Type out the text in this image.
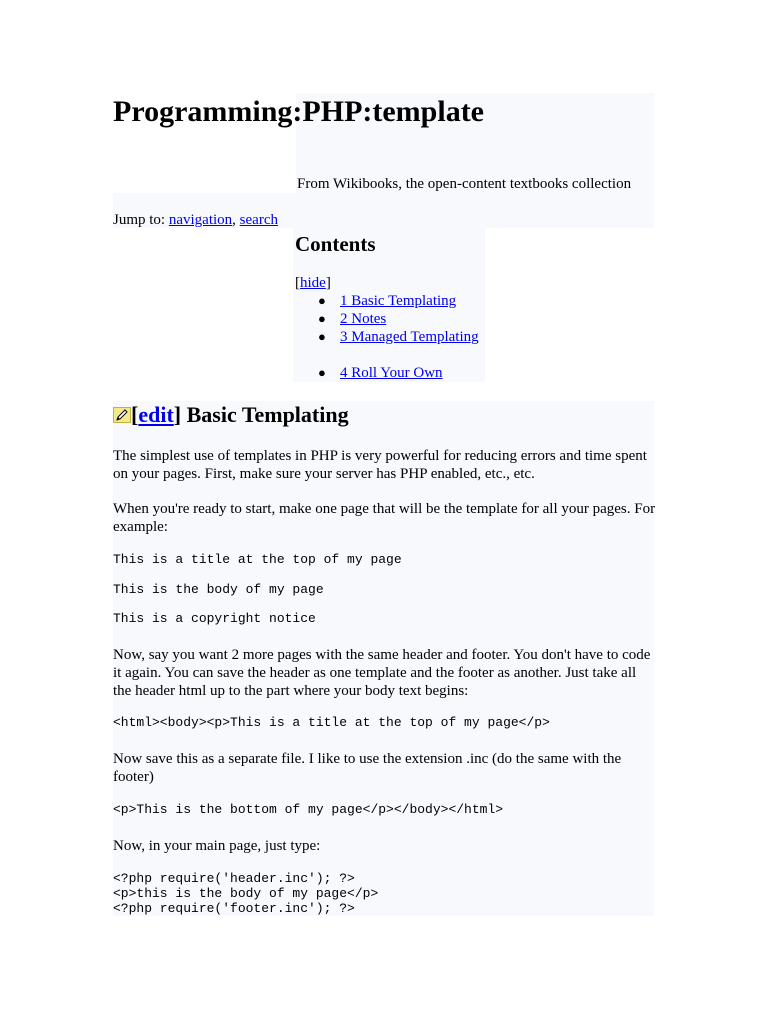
Programming:PHP:template
From Wikibooks, the open-content textbooks collection
Jump to: navigation, search
Contents
[hide]
● 1 Basic Templating
● 2 Notes
● 3 Managed Templating
● 4 Roll Your Own
[edit] Basic Templating
The simplest use of templates in PHP is very powerful for reducing errors and time spent on your pages. First, make sure your server has PHP enabled, etc., etc.
When you're ready to start, make one page that will be the template for all your pages. For example:
This is a title at the top of my page
This is the body of my page
This is a copyright notice
Now, say you want 2 more pages with the same header and footer. You don't have to code it again. You can save the header as one template and the footer as another. Just take all the header html up to the part where your body text begins:
<html><body><p>This is a title at the top of my page</p>
Now save this as a separate file. I like to use the extension .inc (do the same with the footer)
<p>This is the bottom of my page</p></body></html>
Now, in your main page, just type:
<?php require('header.inc'); ?>
<p>this is the body of my page</p>
<?php require('footer.inc'); ?>
